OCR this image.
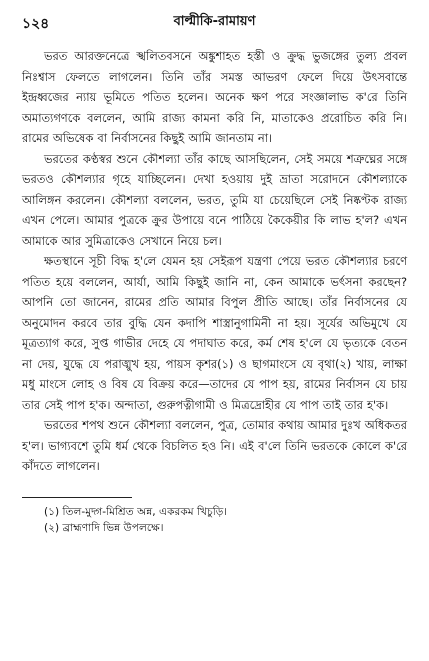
১২৪	বাল্মীকি-রামায়ণ

ভরত আরক্তনেত্রে স্খলিতবসনে অঙ্কুশাহত হস্তী ও ক্রুদ্ধ ভুজঙ্গের তুল্য প্রবল নিঃশ্বাস ফেলতে লাগলেন। তিনি তাঁর সমস্ত আভরণ ফেলে দিয়ে উৎসবান্তে ইন্দ্রধ্বজের ন্যায় ভূমিতে পতিত হলেন। অনেক ক্ষণ পরে সংজ্ঞালাভ ক'রে তিনি অমাত্যগণকে বললেন, আমি রাজ্য কামনা করি নি, মাতাকেও প্ররোচিত করি নি। রামের অভিষেক বা নির্বাসনের কিছুই আমি জানতাম না।

ভরতের কণ্ঠস্বর শুনে কৌশল্যা তাঁর কাছে আসছিলেন, সেই সময়ে শত্রুঘ্নের সঙ্গে ভরতও কৌশল্যার গৃহে যাচ্ছিলেন। দেখা হওয়ায় দুই ভ্রাতা সরোদনে কৌশল্যাকে আলিঙ্গন করলেন। কৌশল্যা বললেন, ভরত, তুমি যা চেয়েছিলে সেই নিষ্কণ্টক রাজ্য এখন পেলে। আমার পুত্রকে ক্রুর উপায়ে বনে পাঠিয়ে কৈকেয়ীর কি লাভ হ'ল? এখন আমাকে আর সুমিত্রাকেও সেখানে নিয়ে চল।

ক্ষতস্থানে সূচী বিদ্ধ হ'লে যেমন হয় সেইরূপ যন্ত্রণা পেয়ে ভরত কৌশল্যার চরণে পতিত হয়ে বললেন, আর্যা, আমি কিছুই জানি না, কেন আমাকে ভর্ৎসনা করছেন? আপনি তো জানেন, রামের প্রতি আমার বিপুল প্রীতি আছে। তাঁর নির্বাসনের যে অনুমোদন করবে তার বুদ্ধি যেন কদাপি শাস্ত্রানুগামিনী না হয়। সূর্যের অভিমুখে যে মূত্রত্যাগ করে, সুপ্ত গাভীর দেহে যে পদাঘাত করে, কর্ম শেষ হ'লে যে ভৃত্যকে বেতন না দেয়, যুদ্ধে যে পরাঙ্মুখ হয়, পায়স কৃশর(১) ও ছাগমাংসে যে বৃথা(২) খায়, লাক্ষা মধু মাংসে লোহ ও বিষ যে বিক্রয় করে—তাদের যে পাপ হয়, রামের নির্বাসন যে চায় তার সেই পাপ হ'ক। অন্দাতা, গুরুপত্নীগামী ও মিত্রদ্রোহীর যে পাপ তাই তার হ'ক।

ভরতের শপথ শুনে কৌশল্যা বললেন, পুত্র, তোমার কথায় আমার দুঃখ অধিকতর হ'ল। ভাগ্যবশে তুমি ধর্ম থেকে বিচলিত হও নি। এই ব'লে তিনি ভরতকে কোলে ক'রে কাঁদতে লাগলেন।

(১) তিল-মুদ্গ-মিশ্রিত অন্ন, একরকম খিচুড়ি।

(২) ব্রাহ্মণাদি ভিন্ন উপলক্ষে।
